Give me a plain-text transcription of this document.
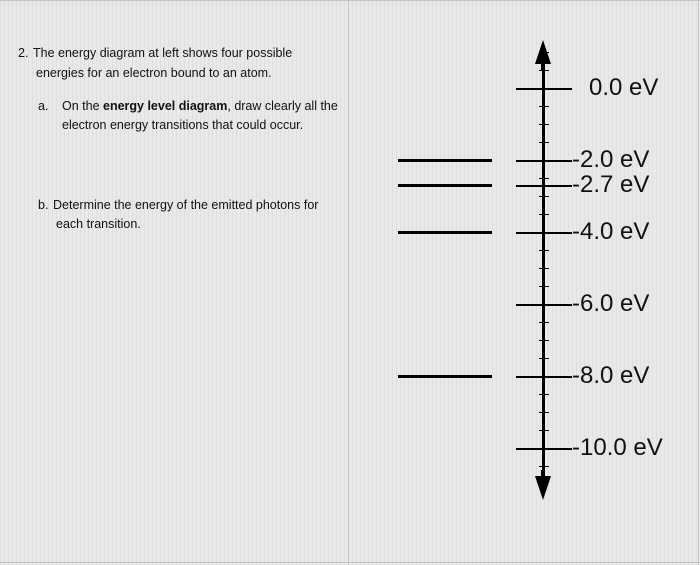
2. The energy diagram at left shows four possible
energies for an electron bound to an atom.
a. On the energy level diagram, draw clearly all the
electron energy transitions that could occur.
b. Determine the energy of the emitted photons for
each transition.
0.0 eV
-2.0 eV
-2.7 eV
-4.0 eV
-6.0 eV
-8.0 eV
-10.0 eV
